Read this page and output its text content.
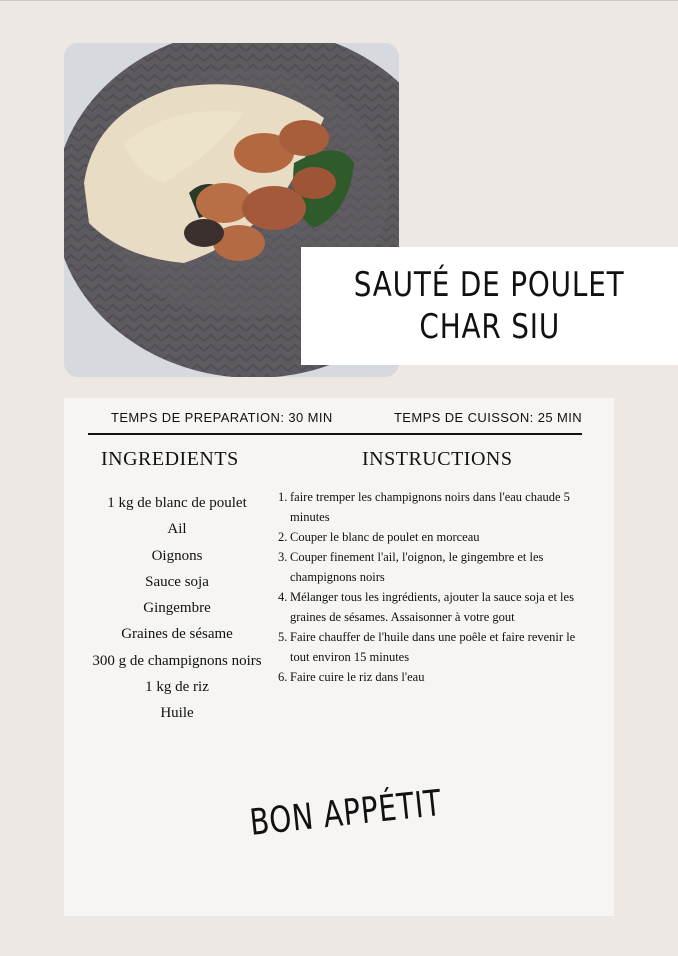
SAUTÉ DE POULET
CHAR SIU
TEMPS DE PREPARATION: 30 MIN	TEMPS DE CUISSON: 25 MIN
INGREDIENTS	INSTRUCTIONS
1 kg de blanc de poulet
Ail
Oignons
Sauce soja
Gingembre
Graines de sésame
300 g de champignons noirs
1 kg de riz
Huile
1. faire tremper les champignons noirs dans l'eau chaude 5 minutes
2. Couper le blanc de poulet en morceau
3. Couper finement l'ail, l'oignon, le gingembre et les champignons noirs
4. Mélanger tous les ingrédients, ajouter la sauce soja et les graines de sésames. Assaisonner à votre gout
5. Faire chauffer de l'huile dans une poêle et faire revenir le tout environ 15 minutes
6. Faire cuire le riz dans l'eau
BON APPÉTIT
